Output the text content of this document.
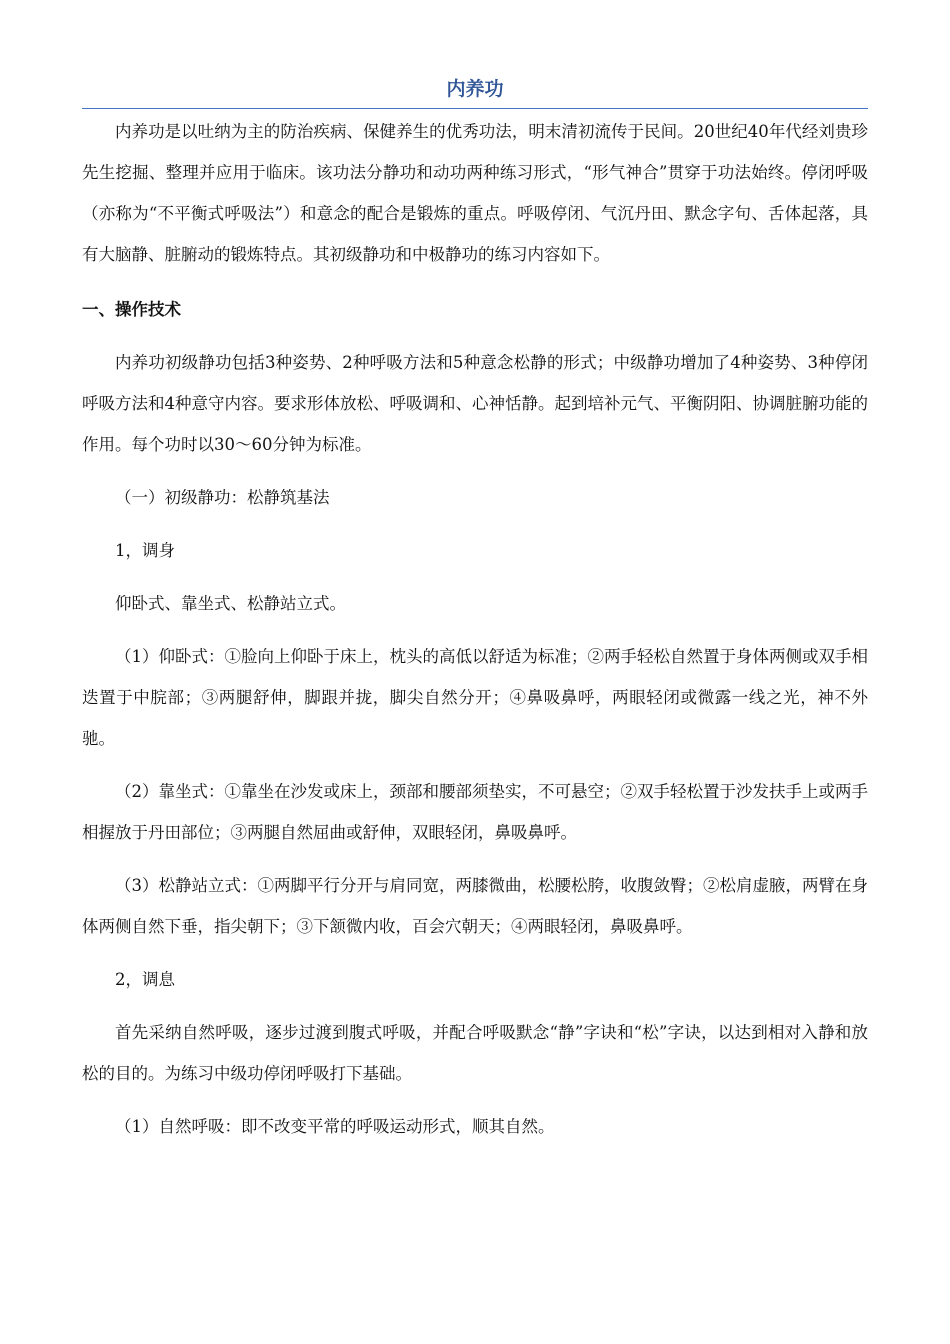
内养功

内养功是以吐纳为主的防治疾病、保健养生的优秀功法，明末清初流传于民间。20世纪40年代经刘贵珍先生挖掘、整理并应用于临床。该功法分静功和动功两种练习形式，“形气神合”贯穿于功法始终。停闭呼吸（亦称为“不平衡式呼吸法”）和意念的配合是锻炼的重点。呼吸停闭、气沉丹田、默念字句、舌体起落，具有大脑静、脏腑动的锻炼特点。其初级静功和中极静功的练习内容如下。

一、操作技术

内养功初级静功包括3种姿势、2种呼吸方法和5种意念松静的形式；中级静功增加了4种姿势、3种停闭呼吸方法和4种意守内容。要求形体放松、呼吸调和、心神恬静。起到培补元气、平衡阴阳、协调脏腑功能的作用。每个功时以30～60分钟为标准。

（一）初级静功：松静筑基法

1，调身

仰卧式、靠坐式、松静站立式。

（1）仰卧式：①脸向上仰卧于床上，枕头的高低以舒适为标准；②两手轻松自然置于身体两侧或双手相迭置于中脘部；③两腿舒伸，脚跟并拢，脚尖自然分开；④鼻吸鼻呼，两眼轻闭或微露一线之光，神不外驰。

（2）靠坐式：①靠坐在沙发或床上，颈部和腰部须垫实，不可悬空；②双手轻松置于沙发扶手上或两手相握放于丹田部位；③两腿自然屈曲或舒伸，双眼轻闭，鼻吸鼻呼。

（3）松静站立式：①两脚平行分开与肩同宽，两膝微曲，松腰松胯，收腹敛臀；②松肩虚腋，两臂在身体两侧自然下垂，指尖朝下；③下颔微内收，百会穴朝天；④两眼轻闭，鼻吸鼻呼。

2，调息

首先采纳自然呼吸，逐步过渡到腹式呼吸，并配合呼吸默念“静”字诀和“松”字诀，以达到相对入静和放松的目的。为练习中级功停闭呼吸打下基础。

（1）自然呼吸：即不改变平常的呼吸运动形式，顺其自然。
